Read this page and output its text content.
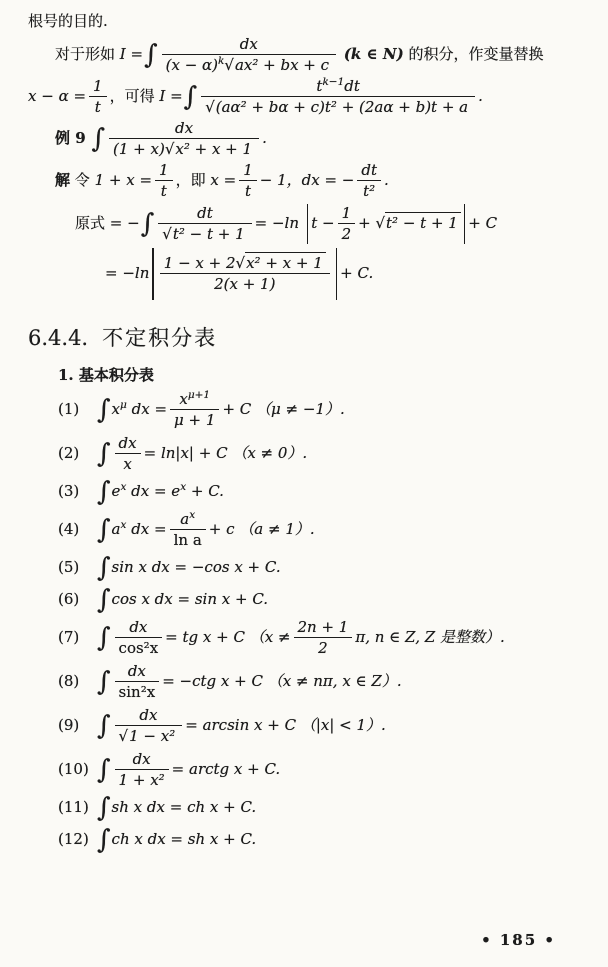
根号的目的.
对于形如 I =∫ $\frac{dx}{(x - \alpha)^k√ax^2 + bx + c} (k$ ∈ N) 的积分，作变量替换
$x - \alpha = \frac{1}{t}$ ，可得 I =∫ $\frac{t^{k-1}dt}{\text{√(aα² + bα + c)t² + (2aα + b)t + a}}$ .
例 9 ∫ $\frac{dx}{\text{(1 + x)√x² + x + 1}}$ .
解 令 $1 + x = \frac{1}{t}$ ，即 $x = \frac{1}{t} - 1$，dx = − $\frac{dt}{\text{t²}}$ .
原式 = −∫ $\frac{dt}{\text{√t² − t + 1}} = -\ln$ $t - \frac{1}{2} + √t^2 - t + 1 + C$
= $-\ln \frac{\text{1 − x + 2√x² + x + 1}}{2(x + 1)} + C$.
6.4.4. 不定积分表
1. 基本积分表
(1) $\int x^\mu$ dx = $\frac{x^{\mu+1}}{\mu + 1} + C$ （μ ≠ −1）.
(2) ∫ $\frac{dx}{x} = \ln|x| + C$ （x ≠ 0）.
(3) $\int e^x$ dx = $e^x + C$.
(4) $\int a^x$ dx = $\frac{a^x}{\text{ln a}} + c$ （a ≠ 1）.
(5) ∫sin x dx = −cos x + C.
(6) ∫cos x dx = sin x + C.
(7) ∫ $\frac{dx}{\text{cos²x}}$ = tg x + C （$x \ne \frac{2n + 1}{2} \pi$, n ∈ Z, Z 是整数）.
(8) ∫ $\frac{dx}{\text{sin²x}} = -ctg$ x + C （x ≠ nπ, x ∈ Z）.
(9) ∫ $\frac{dx}{\text{√1 − x²}} = \arcsin x + C$ （|x| < 1）.
(10) ∫ $\frac{dx}{\text{1 + x²}}$ = arctg x + C.
(11) ∫sh x dx = ch x + C.
(12) ∫ch x dx = sh x + C.
• 185 •
